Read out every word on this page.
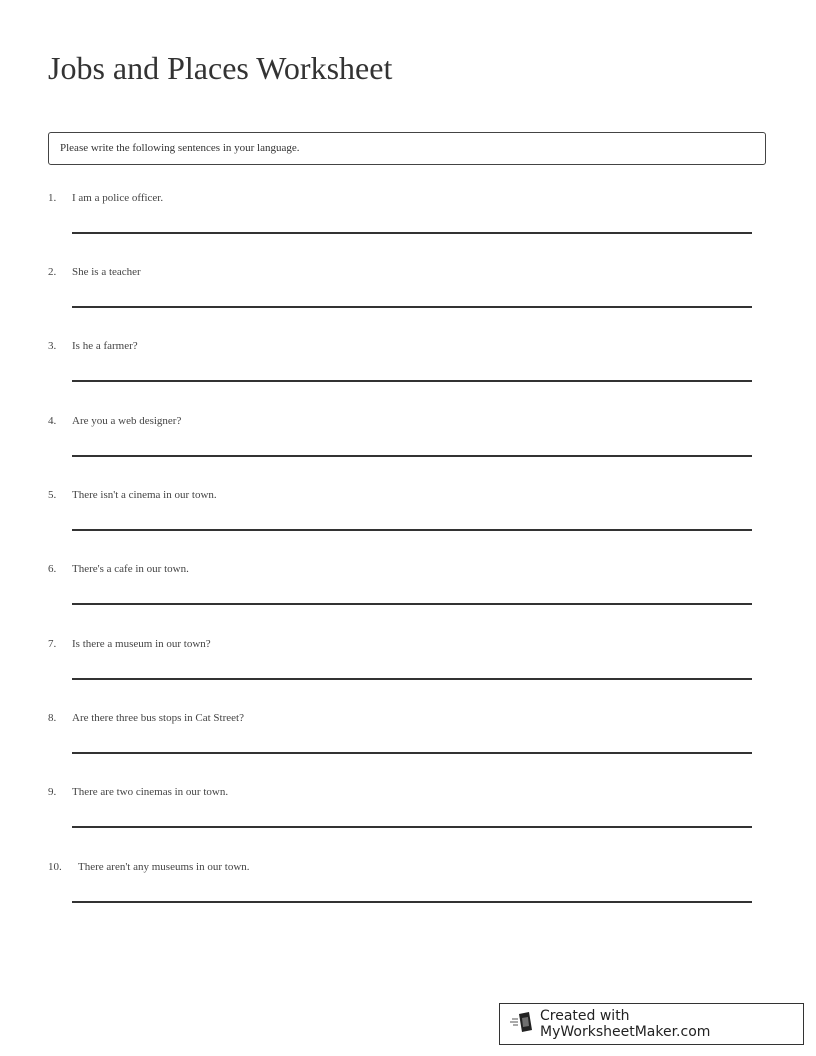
Jobs and Places Worksheet
Please write the following sentences in your language.
1. I am a police officer.
2. She is a teacher
3. Is he a farmer?
4. Are you a web designer?
5. There isn't a cinema in our town.
6. There's a cafe in our town.
7. Is there a museum in our town?
8. Are there three bus stops in Cat Street?
9. There are two cinemas in our town.
10. There aren't any museums in our town.
Created with MyWorksheetMaker.com
